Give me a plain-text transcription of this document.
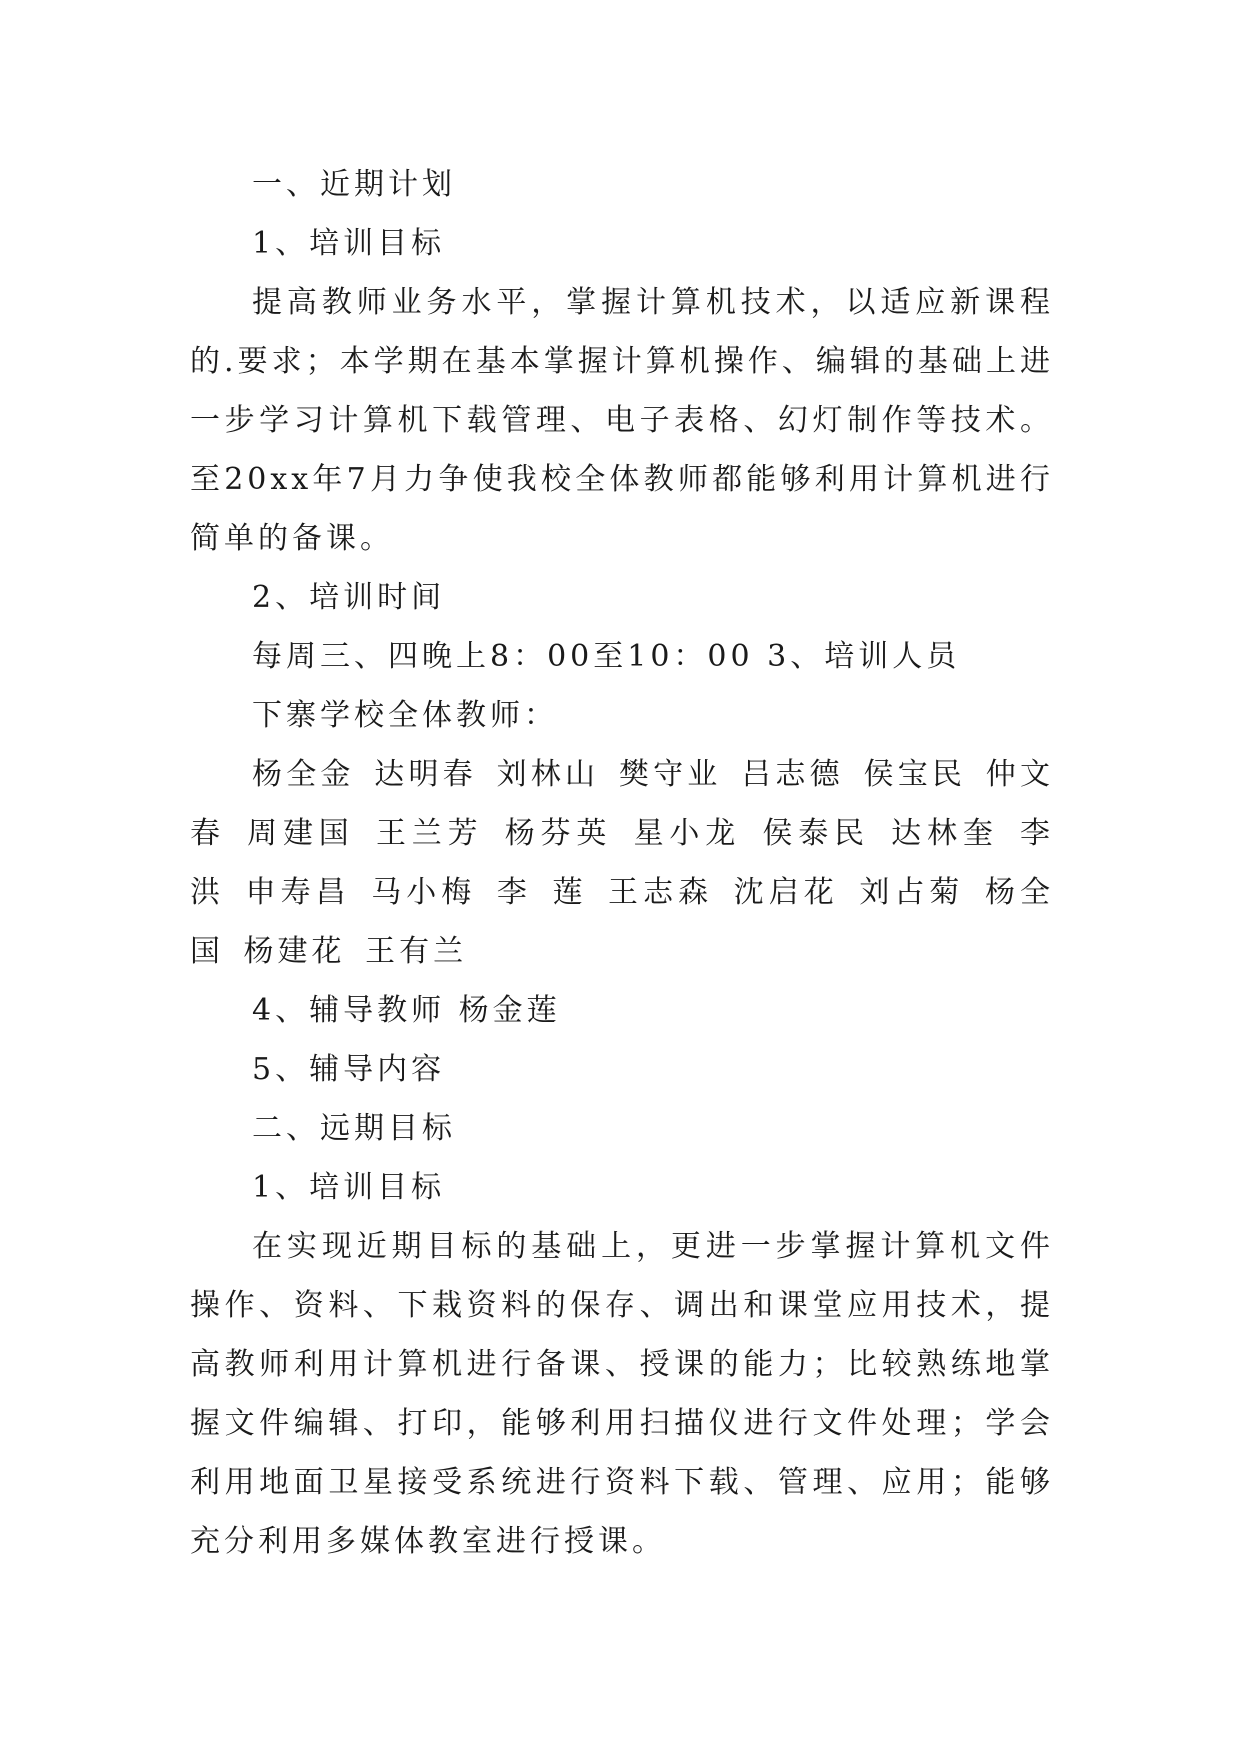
一、近期计划

1、培训目标

提高教师业务水平，掌握计算机技术，以适应新课程的.要求；本学期在基本掌握计算机操作、编辑的基础上进一步学习计算机下载管理、电子表格、幻灯制作等技术。至20xx年7月力争使我校全体教师都能够利用计算机进行简单的备课。

2、培训时间

每周三、四晚上8：00至10：00 3、培训人员

下寨学校全体教师：

杨全金 达明春 刘林山 樊守业 吕志德 侯宝民 仲文春 周建国 王兰芳 杨芬英 星小龙 侯泰民 达林奎 李 洪 申寿昌 马小梅 李 莲 王志森 沈启花 刘占菊 杨全国 杨建花 王有兰

4、辅导教师 杨金莲

5、辅导内容

二、远期目标

1、培训目标

在实现近期目标的基础上，更进一步掌握计算机文件操作、资料、下栽资料的保存、调出和课堂应用技术，提高教师利用计算机进行备课、授课的能力；比较熟练地掌握文件编辑、打印，能够利用扫描仪进行文件处理；学会利用地面卫星接受系统进行资料下载、管理、应用；能够充分利用多媒体教室进行授课。
